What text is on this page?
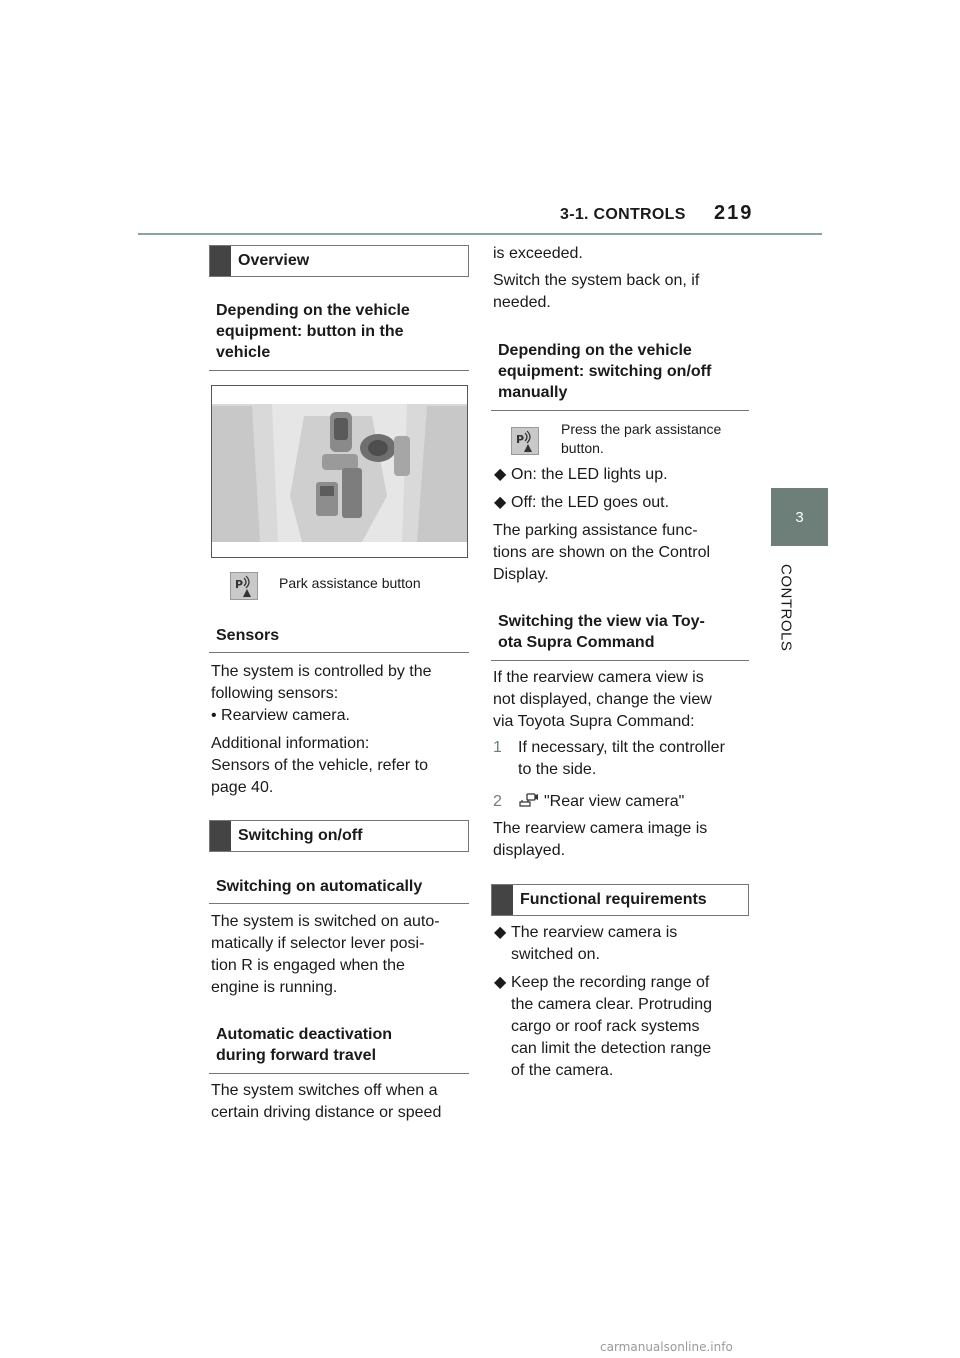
3-1. CONTROLS 219
3
CONTROLS
Overview
Depending on the vehicle
equipment: button in the
vehicle
P	Park assistance button
Sensors
The system is controlled by the
following sensors:
• Rearview camera.
Additional information:
Sensors of the vehicle, refer to
page 40.
Switching on/off
Switching on automatically
The system is switched on auto-
matically if selector lever posi-
tion R is engaged when the
engine is running.
Automatic deactivation
during forward travel
The system switches off when a
certain driving distance or speed
is exceeded.
Switch the system back on, if
needed.
Depending on the vehicle
equipment: switching on/off
manually
P
Press the park assistance
button.
◆ On: the LED lights up.
◆ Off: the LED goes out.
The parking assistance func-
tions are shown on the Control
Display.
Switching the view via Toy-
ota Supra Command
If the rearview camera view is
not displayed, change the view
via Toyota Supra Command:
1 If necessary, tilt the controller
to the side.
2	"Rear view camera"
The rearview camera image is
displayed.
Functional requirements
◆ The rearview camera is
switched on.
◆ Keep the recording range of
the camera clear. Protruding
cargo or roof rack systems
can limit the detection range
of the camera.
carmanualsonline.info
